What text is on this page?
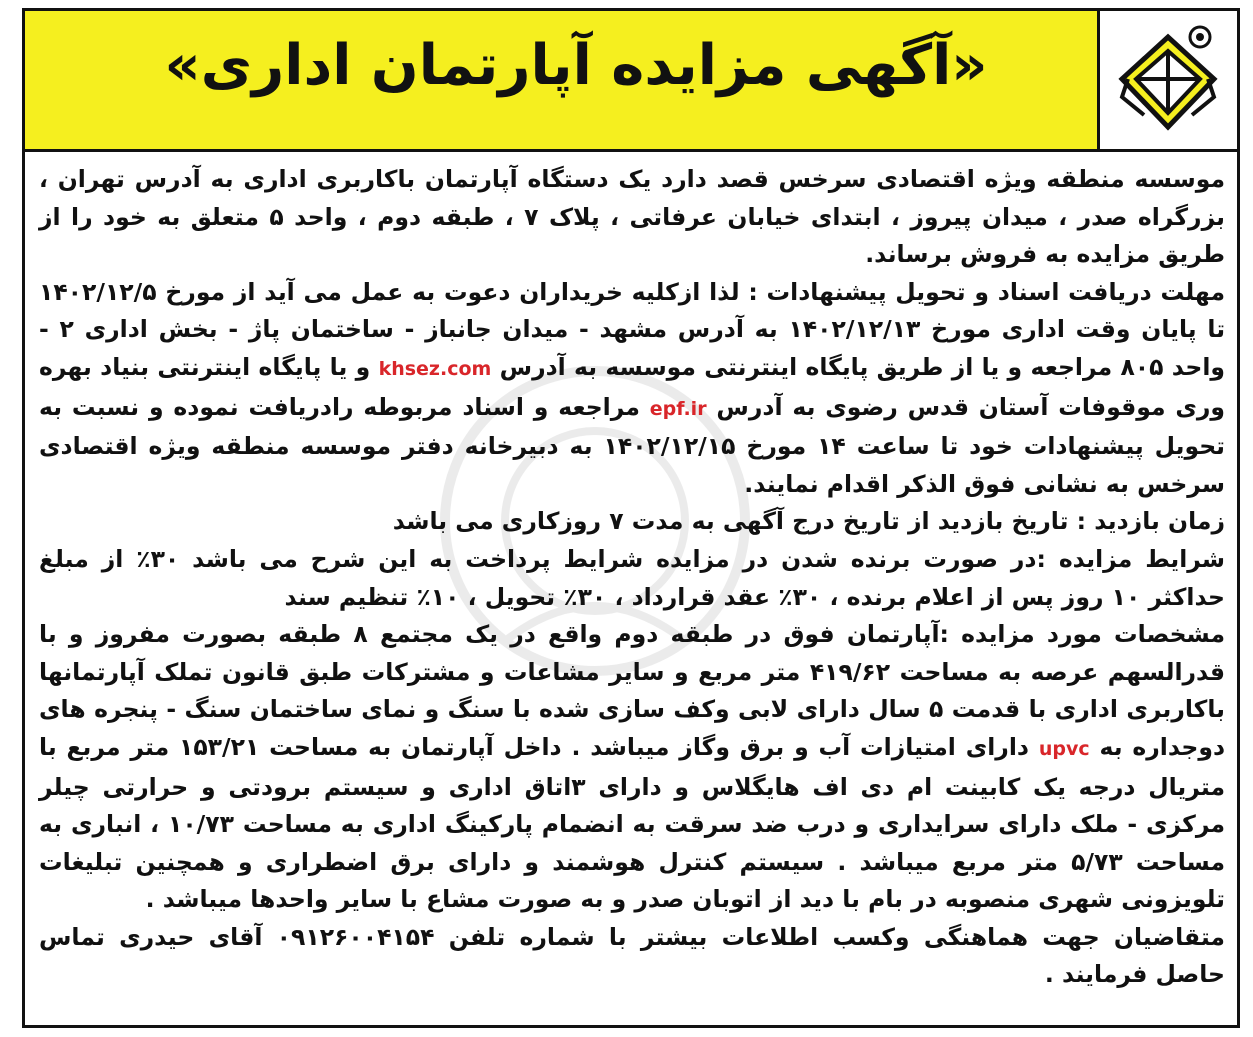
«آگهی مزایده آپارتمان اداری»

موسسه منطقه ویژه اقتصادی سرخس قصد دارد یک دستگاه آپارتمان باکاربری اداری به آدرس تهران ، بزرگراه صدر ، میدان پیروز ، ابتدای خیابان عرفاتی ، پلاک ۷ ، طبقه دوم ، واحد ۵ متعلق به خود را از طریق مزایده به فروش برساند.

مهلت دریافت اسناد و تحویل پیشنهادات : لذا ازکلیه خریداران دعوت به عمل می آید از مورخ ۱۴۰۲/۱۲/۵ تا پایان وقت اداری مورخ ۱۴۰۲/۱۲/۱۳ به آدرس مشهد - میدان جانباز - ساختمان پاژ - بخش اداری ۲ - واحد ۸۰۵ مراجعه و یا از طریق پایگاه اینترنتی موسسه به آدرس khsez.com و یا پایگاه اینترنتی بنیاد بهره وری موقوفات آستان قدس رضوی به آدرس epf.ir مراجعه و اسناد مربوطه رادریافت نموده و نسبت به تحویل پیشنهادات خود تا ساعت ۱۴ مورخ ۱۴۰۲/۱۲/۱۵ به دبیرخانه دفتر موسسه منطقه ویژه اقتصادی سرخس به نشانی فوق الذکر اقدام نمایند.

زمان بازدید : تاریخ بازدید از تاریخ درج آگهی به مدت ۷ روزکاری می باشد

شرایط مزایده :در صورت برنده شدن در مزایده شرایط پرداخت به این شرح می باشد ۳۰٪ از مبلغ حداکثر ۱۰ روز پس از اعلام برنده ، ۳۰٪ عقد قرارداد ، ۳۰٪ تحویل ، ۱۰٪ تنظیم سند

مشخصات مورد مزایده :آپارتمان فوق در طبقه دوم واقع در یک مجتمع ۸ طبقه بصورت مفروز و با قدرالسهم عرصه به مساحت ۴۱۹/۶۲ متر مربع و سایر مشاعات و مشترکات طبق قانون تملک آپارتمانها باکاربری اداری با قدمت ۵ سال دارای لابی وکف سازی شده با سنگ و نمای ساختمان سنگ - پنجره های دوجداره به upvc دارای امتیازات آب و برق وگاز میباشد . داخل آپارتمان به مساحت ۱۵۳/۲۱ متر مربع با متریال درجه یک کابینت ام دی اف هایگلاس و دارای ۳اتاق اداری و سیستم برودتی و حرارتی چیلر مرکزی - ملک دارای سرایداری و درب ضد سرقت به انضمام پارکینگ اداری به مساحت ۱۰/۷۳ ، انباری به مساحت ۵/۷۳ متر مربع میباشد . سیستم کنترل هوشمند و دارای برق اضطراری و همچنین تبلیغات تلویزونی شهری منصوبه در بام با دید از اتوبان صدر و به صورت مشاع با سایر واحدها میباشد .

متقاضیان جهت هماهنگی وکسب اطلاعات بیشتر با شماره تلفن ۰۹۱۲۶۰۰۴۱۵۴ آقای حیدری تماس حاصل فرمایند .
